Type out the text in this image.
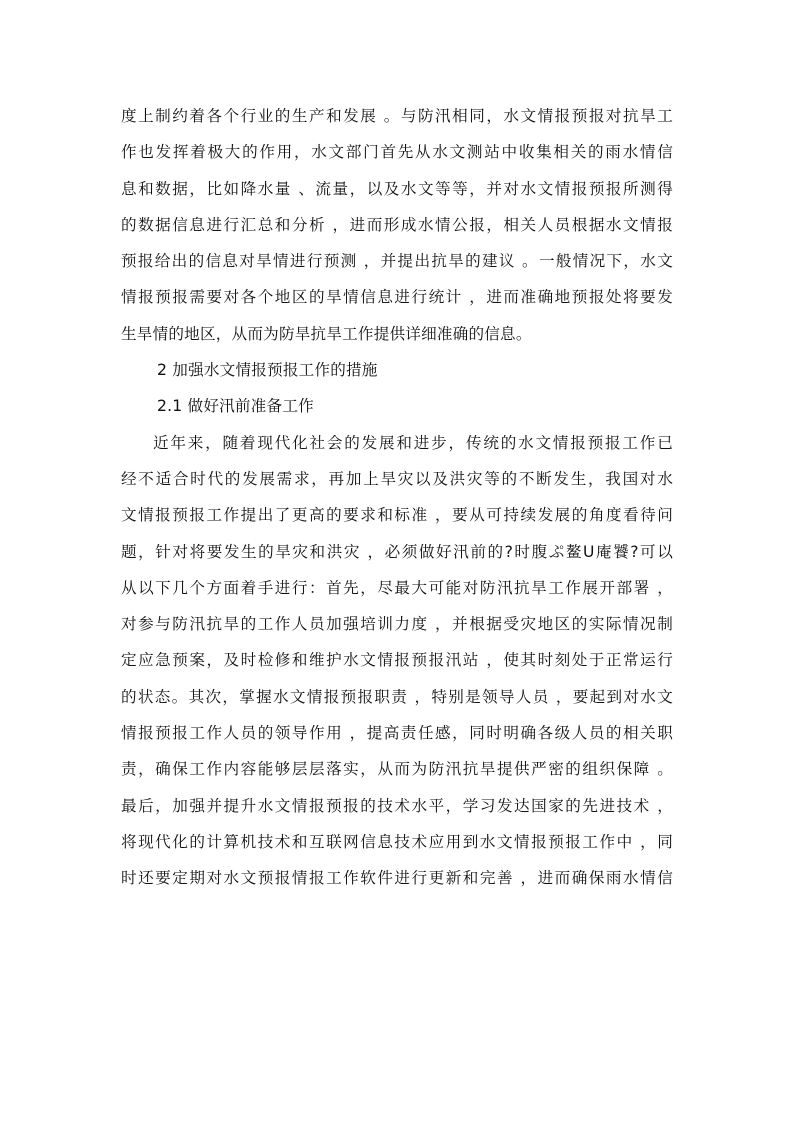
度上制约着各个行业的生产和发展 。与防汛相同，水文情报预报对抗旱工
作也发挥着极大的作用，水文部门首先从水文测站中收集相关的雨水情信
息和数据，比如降水量 、流量，以及水文等等，并对水文情报预报所测得
的数据信息进行汇总和分析 ，进而形成水情公报，相关人员根据水文情报
预报给出的信息对旱情进行预测 ，并提出抗旱的建议 。一般情况下，水文
情报预报需要对各个地区的旱情信息进行统计 ，进而准确地预报处将要发
生旱情的地区，从而为防旱抗旱工作提供详细准确的信息。
2 加强水文情报预报工作的措施
2.1 做好汛前准备工作
近年来，随着现代化社会的发展和进步，传统的水文情报预报工作已
经不适合时代的发展需求，再加上旱灾以及洪灾等的不断发生，我国对水
文情报预报工作提出了更高的要求和标准 ，要从可持续发展的角度看待问
题，针对将要发生的旱灾和洪灾 ，必须做好汛前的?时腹ぷ鳌U庵饕?可以
从以下几个方面着手进行：首先，尽最大可能对防汛抗旱工作展开部署 ，
对参与防汛抗旱的工作人员加强培训力度 ，并根据受灾地区的实际情况制
定应急预案，及时检修和维护水文情报预报汛站 ，使其时刻处于正常运行
的状态。其次，掌握水文情报预报职责 ，特别是领导人员 ，要起到对水文
情报预报工作人员的领导作用 ，提高责任感，同时明确各级人员的相关职
责，确保工作内容能够层层落实，从而为防汛抗旱提供严密的组织保障 。
最后，加强并提升水文情报预报的技术水平，学习发达国家的先进技术 ，
将现代化的计算机技术和互联网信息技术应用到水文情报预报工作中 ，同
时还要定期对水文预报情报工作软件进行更新和完善 ，进而确保雨水情信
